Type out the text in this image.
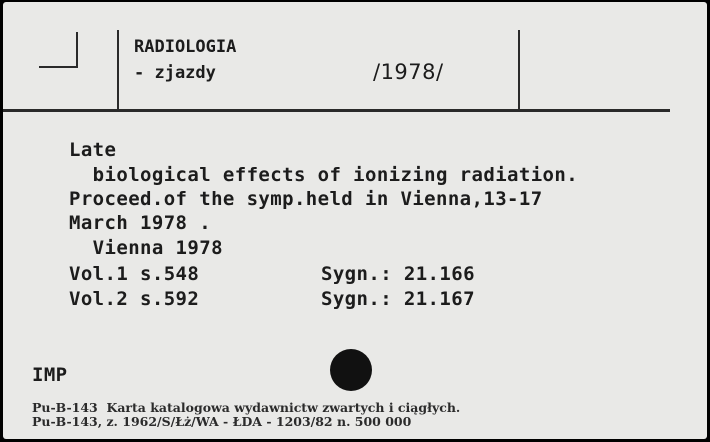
RADIOLOGIA
- zjazdy	/1978/
Late
biological effects of ionizing radiation.
Proceed.of the symp.held in Vienna,13-17
March 1978 .
Vienna 1978
Vol.1 s.548	Sygn.: 21.166
Vol.2 s.592	Sygn.: 21.167
IMP
Pu-B-143  Karta katalogowa wydawnictw zwartych i ciągłych.
Pu-B-143, z. 1962/S/Łż/WA - ŁDA - 1203/82 n. 500 000
